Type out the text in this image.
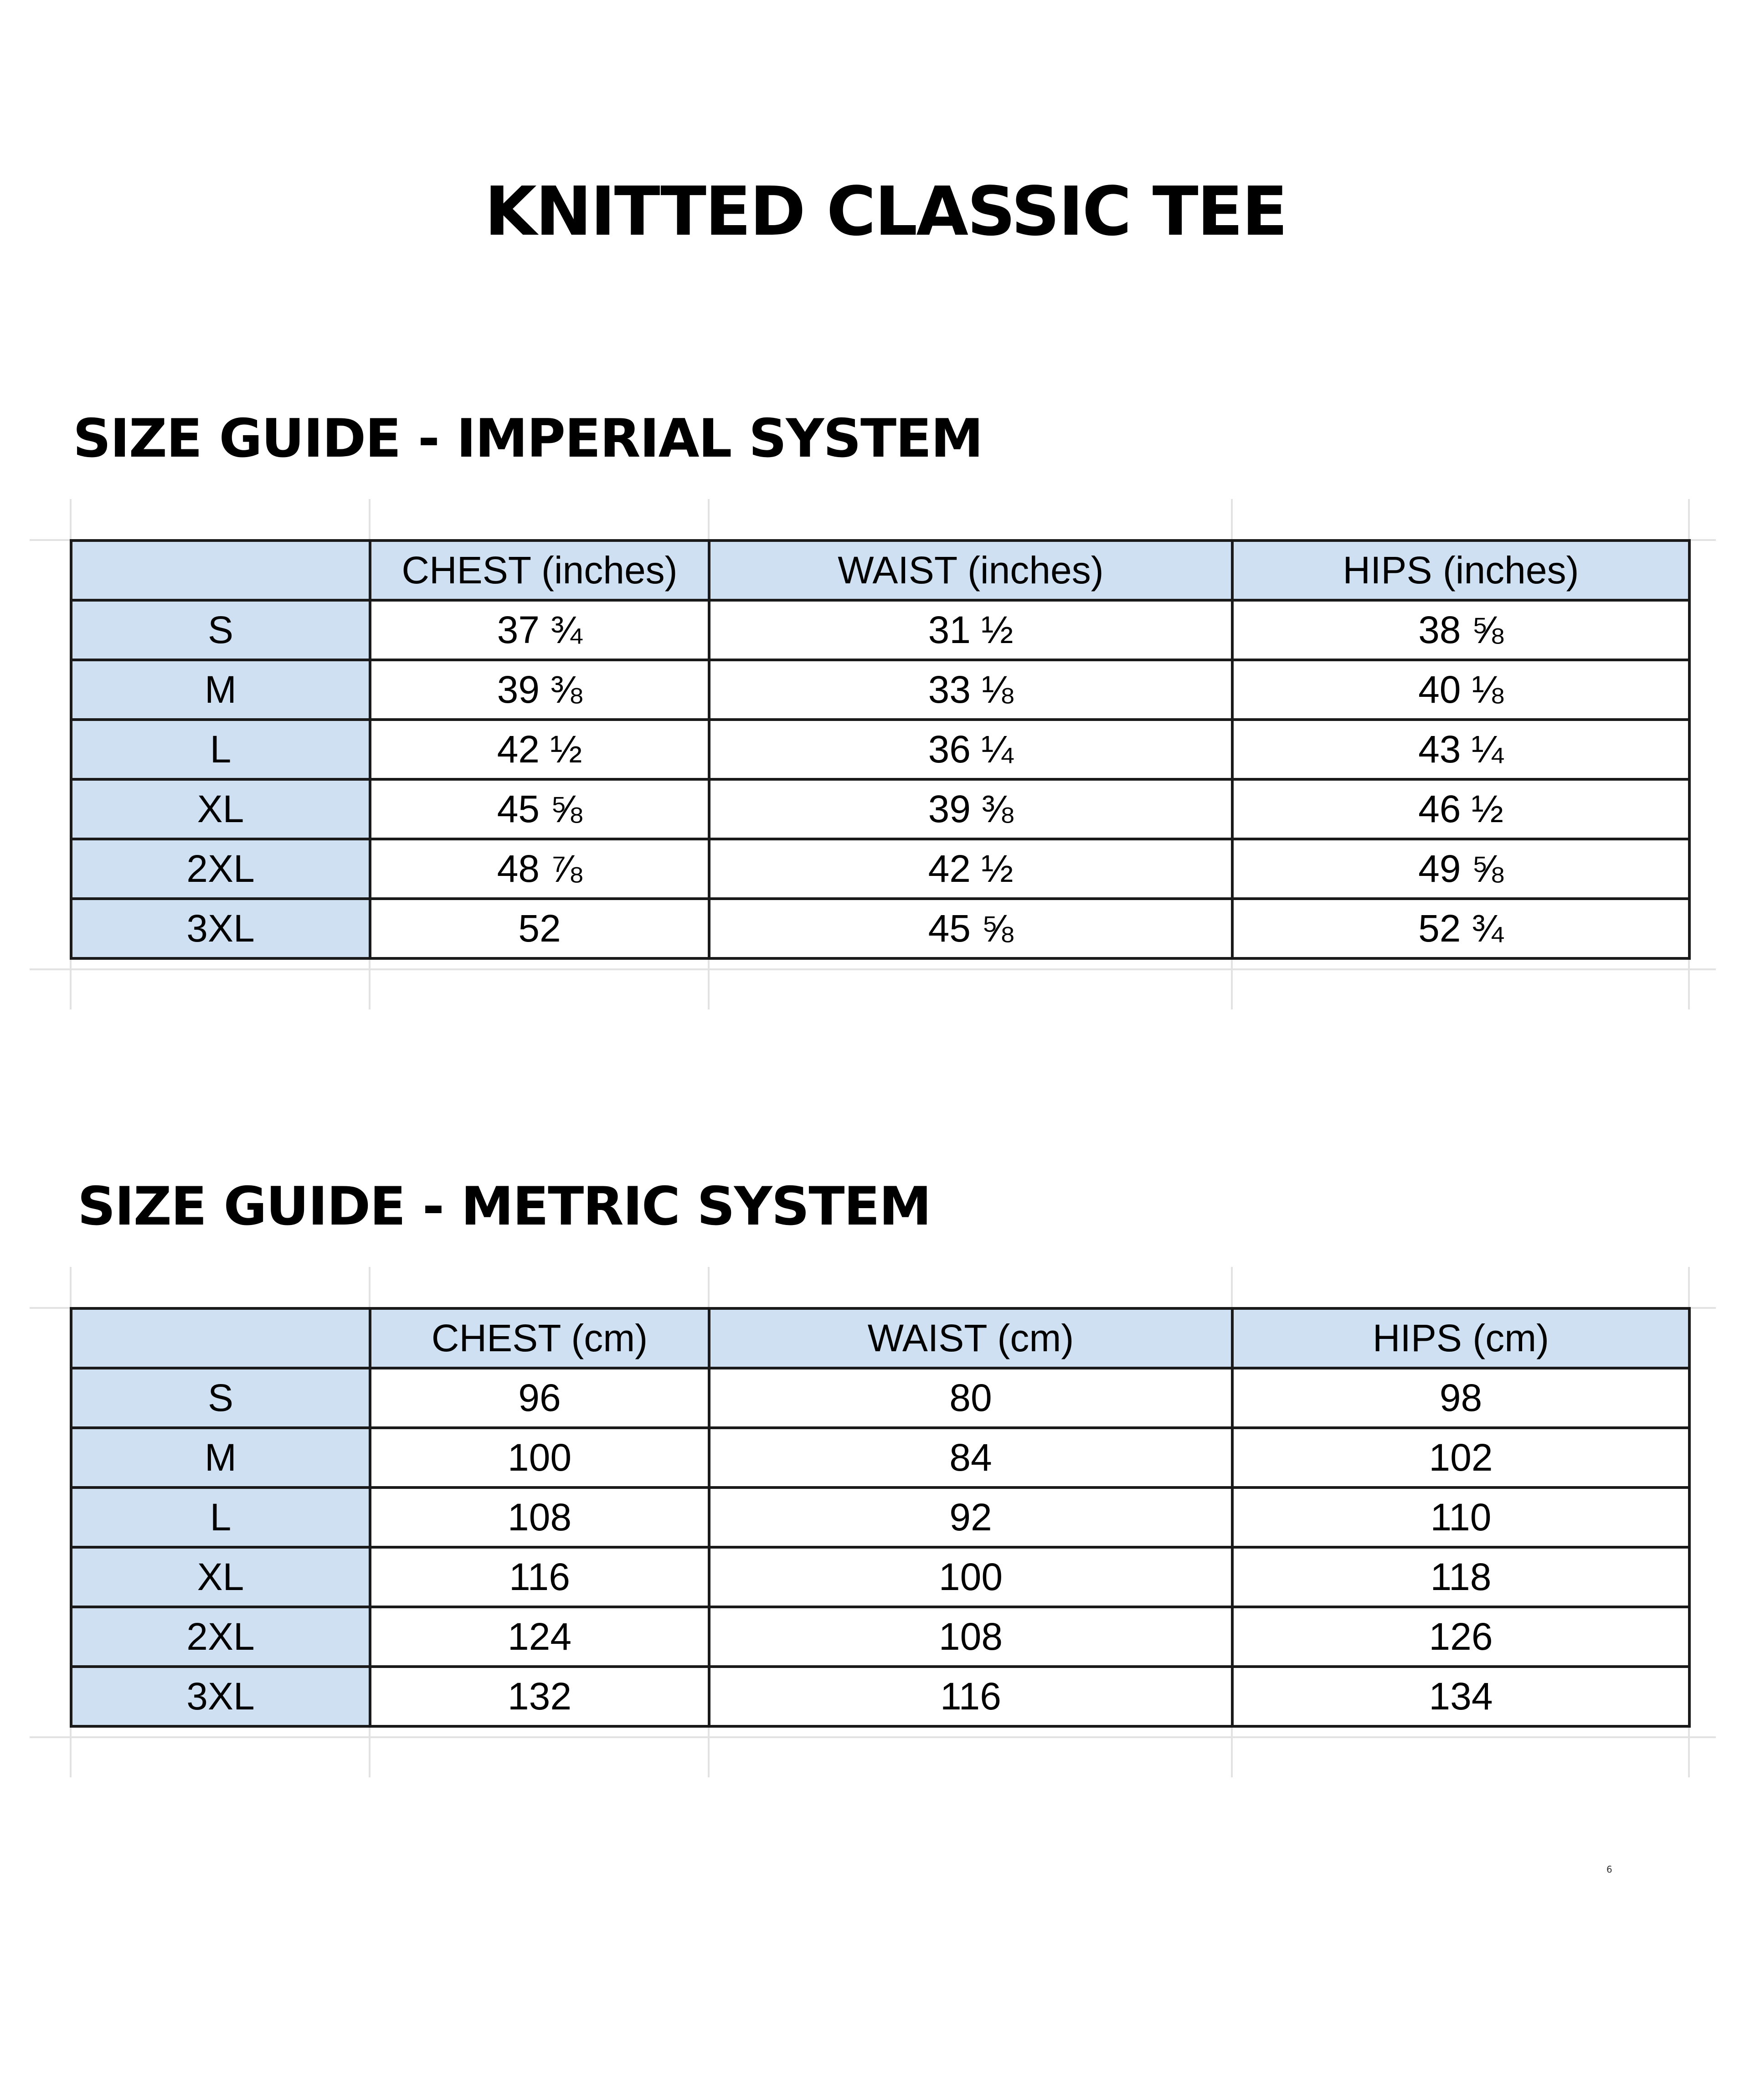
KNITTED CLASSIC TEE
SIZE GUIDE - IMPERIAL SYSTEM
	CHEST (inches)	WAIST (inches)	HIPS (inches)
S	37 ¾	31 ½	38 ⅝
M	39 ⅜	33 ⅛	40 ⅛
L	42 ½	36 ¼	43 ¼
XL	45 ⅝	39 ⅜	46 ½
2XL	48 ⅞	42 ½	49 ⅝
3XL	52	45 ⅝	52 ¾
SIZE GUIDE - METRIC SYSTEM
	CHEST (cm)	WAIST (cm)	HIPS (cm)
S	96	80	98
M	100	84	102
L	108	92	110
XL	116	100	118
2XL	124	108	126
3XL	132	116	134
6
